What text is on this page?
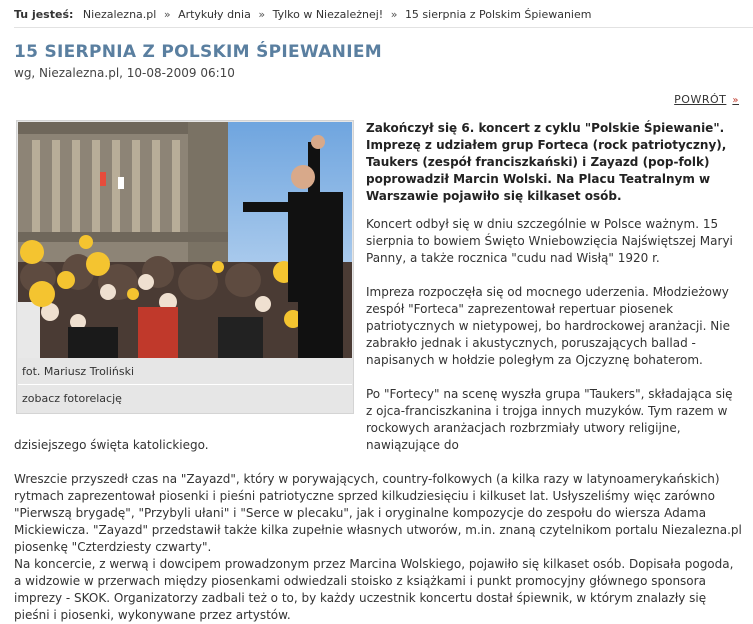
Tu jesteś: Niezalezna.pl » Artykuły dnia » Tylko w Niezależnej! » 15 sierpnia z Polskim Śpiewaniem
15 SIERPNIA Z POLSKIM ŚPIEWANIEM
wg, Niezalezna.pl, 10-08-2009 06:10
POWRÓT »
fot. Mariusz Troliński
zobacz fotorelację

Zakończył się 6. koncert z cyklu "Polskie Śpiewanie". Imprezę z udziałem grup Forteca (rock patriotyczny), Taukers (zespół franciszkański) i Zayazd (pop-folk) poprowadził Marcin Wolski. Na Placu Teatralnym w Warszawie pojawiło się kilkaset osób.

Koncert odbył się w dniu szczególnie w Polsce ważnym. 15 sierpnia to bowiem Święto Wniebowzięcia Najświętszej Maryi Panny, a także rocznica "cudu nad Wisłą" 1920 r.

Impreza rozpoczęła się od mocnego uderzenia. Młodzieżowy zespół "Forteca" zaprezentował repertuar piosenek patriotycznych w nietypowej, bo hardrockowej aranżacji. Nie zabrakło jednak i akustycznych, poruszających ballad - napisanych w hołdzie poległym za Ojczyznę bohaterom.

Po "Fortecy" na scenę wyszła grupa "Taukers", składająca się z ojca-franciszkanina i trojga innych muzyków. Tym razem w rockowych aranżacjach rozbrzmiały utwory religijne, nawiązujące do

dzisiejszego święta katolickiego.

Wreszcie przyszedł czas na "Zayazd", który w porywających, country-folkowych (a kilka razy w latynoamerykańskich) rytmach zaprezentował piosenki i pieśni patriotyczne sprzed kilkudziesięciu i kilkuset lat. Usłyszeliśmy więc zarówno "Pierwszą brygadę", "Przybyli ułani" i "Serce w plecaku", jak i oryginalne kompozycje do zespołu do wiersza Adama Mickiewicza. "Zayazd" przedstawił także kilka zupełnie własnych utworów, m.in. znaną czytelnikom portalu Niezalezna.pl piosenkę "Czterdziesty czwarty".

Na koncercie, z werwą i dowcipem prowadzonym przez Marcina Wolskiego, pojawiło się kilkaset osób. Dopisała pogoda, a widzowie w przerwach między piosenkami odwiedzali stoisko z książkami i punkt promocyjny głównego sponsora imprezy - SKOK. Organizatorzy zadbali też o to, by każdy uczestnik koncertu dostał śpiewnik, w którym znalazły się pieśni i piosenki, wykonywane przez artystów.
